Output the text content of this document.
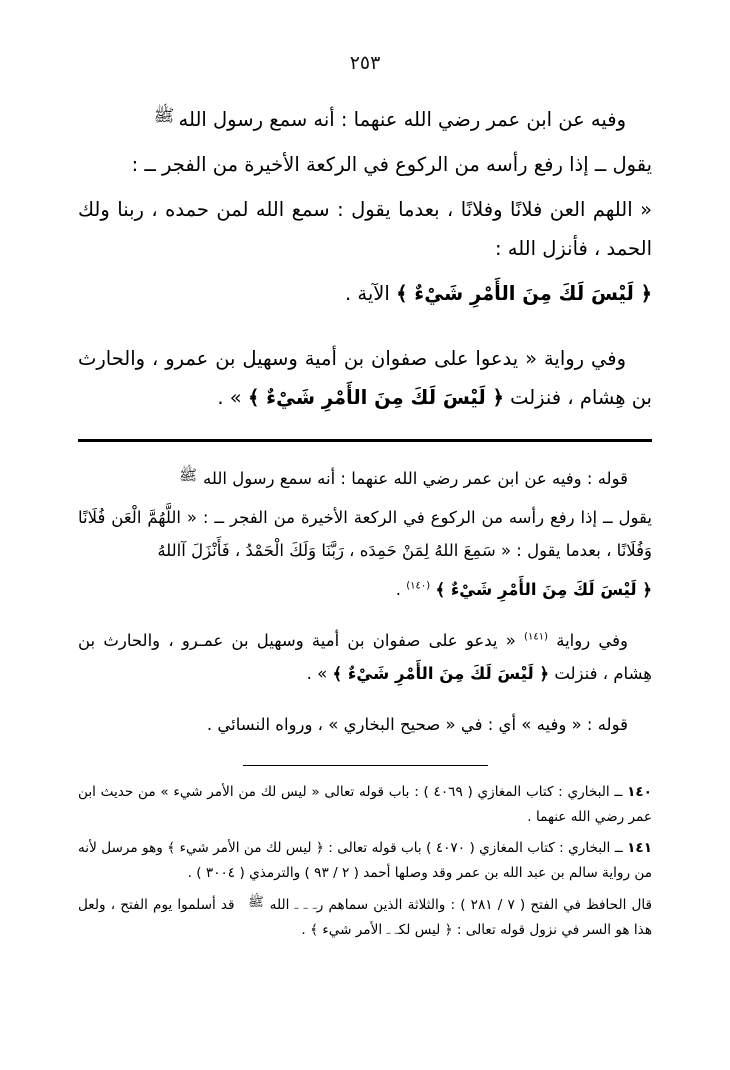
٢٥٣

وفيه عن ابن عمر رضي الله عنهما : أنه سمع رسول الله
ﷺ

يقول ــ إذا رفع رأسه من الركوع في الركعة الأخيرة من الفجر ــ :

« اللهم العن فلانًا وفلانًا ، بعدما يقول : سمع الله لمن حمده ، ربنا ولك الحمد ، فأنزل الله :

﴿ لَيْسَ لَكَ مِنَ الأَمْرِ شَيْءٌ ﴾ الآية .

وفي رواية « يدعوا على صفوان بن أمية وسهيل بن عمرو ، والحارث بن هِشام ، فنزلت ﴿ لَيْسَ لَكَ مِنَ الأَمْرِ شَيْءٌ ﴾ » .

قوله : وفيه عن ابن عمر رضي الله عنهما : أنه سمع رسول الله
ﷺ

يقول ــ إذا رفع رأسه من الركوع في الركعة الأخيرة من الفجر ــ : « اللَّهُمَّ الْعَن فُلَانًا وَفُلَانًا ، بعدما يقول : « سَمِعَ اللهُ لِمَنْ حَمِدَه ، رَبَّنَا وَلَكَ الْحَمْدُ ، فَأَنْزَلَ آاللهُ

﴿ لَيْسَ لَكَ مِنَ الأَمْرِ شَيْءٌ ﴾ $^{(١٤٠)}$ .

وفي رواية $^{(١٤١)}$ « يدعو على صفوان بن أمية وسهيل بن عمـرو ، والحارث بن هِشام ، فنزلت ﴿ لَيْسَ لَكَ مِنَ الأَمْرِ شَيْءٌ ﴾ » .

قوله : « وفيه » أي : في « صحيح البخاري » ، ورواه النسائي .

١٤٠ ــ البخاري : كتاب المغازي ( ٤٠٦٩ ) : باب قوله تعالى « ليس لك من الأمر شيء » من حديث ابن عمر رضي الله عنهما .

١٤١ ــ البخاري : كتاب المغازي ( ٤٠٧٠ ) باب قوله تعالى : ﴿ ليس لك من الأمر شيء ﴾ وهو مرسل لأنه من رواية سالم بن عبد الله بن عمر وقد وصلها أحمد ( ٢ / ٩٣ ) والترمذي ( ٣٠٠٤ ) .

قال الحافظ في الفتح ( ٧ / ٢٨١ ) : والثلاثة الذين سماهم رـ ـ ـ الله
ﷺ
قد أسلموا يوم الفتح ، ولعل هذا هو السر في نزول قوله تعالى : ﴿ ليس لكـ ـ الأمر شيء ﴾ .
